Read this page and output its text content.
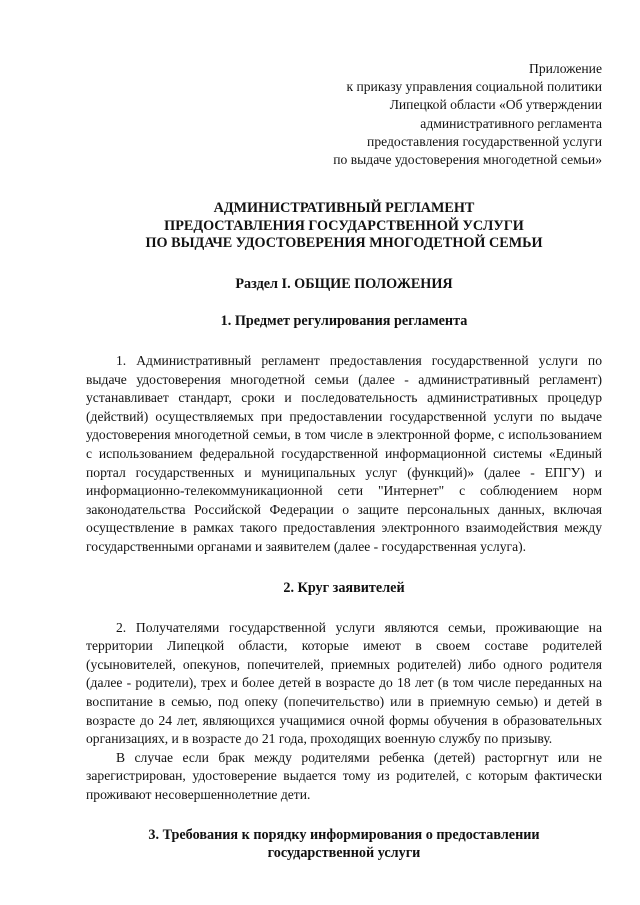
Приложение
к приказу управления социальной политики
Липецкой области «Об утверждении
административного регламента
предоставления государственной услуги
по выдаче удостоверения многодетной семьи»
АДМИНИСТРАТИВНЫЙ РЕГЛАМЕНТ
ПРЕДОСТАВЛЕНИЯ ГОСУДАРСТВЕННОЙ УСЛУГИ
ПО ВЫДАЧЕ УДОСТОВЕРЕНИЯ МНОГОДЕТНОЙ СЕМЬИ
Раздел I. ОБЩИЕ ПОЛОЖЕНИЯ
1. Предмет регулирования регламента

1. Административный регламент предоставления государственной услуги по выдаче удостоверения многодетной семьи (далее - административный регламент) устанавливает стандарт, сроки и последовательность административных процедур (действий) осуществляемых при предоставлении государственной услуги по выдаче удостоверения многодетной семьи, в том числе в электронной форме, с использованием с использованием федеральной государственной информационной системы «Единый портал государственных и муниципальных услуг (функций)» (далее - ЕПГУ) и информационно-телекоммуникационной сети "Интернет" с соблюдением норм законодательства Российской Федерации о защите персональных данных, включая осуществление в рамках такого предоставления электронного взаимодействия между государственными органами и заявителем (далее - государственная услуга).

2. Круг заявителей

2. Получателями государственной услуги являются семьи, проживающие на территории Липецкой области, которые имеют в своем составе родителей (усыновителей, опекунов, попечителей, приемных родителей) либо одного родителя (далее - родители), трех и более детей в возрасте до 18 лет (в том числе переданных на воспитание в семью, под опеку (попечительство) или в приемную семью) и детей в возрасте до 24 лет, являющихся учащимися очной формы обучения в образовательных организациях, и в возрасте до 21 года, проходящих военную службу по призыву.

В случае если брак между родителями ребенка (детей) расторгнут или не зарегистрирован, удостоверение выдается тому из родителей, с которым фактически проживают несовершеннолетние дети.

3. Требования к порядку информирования о предоставлении
государственной услуги
